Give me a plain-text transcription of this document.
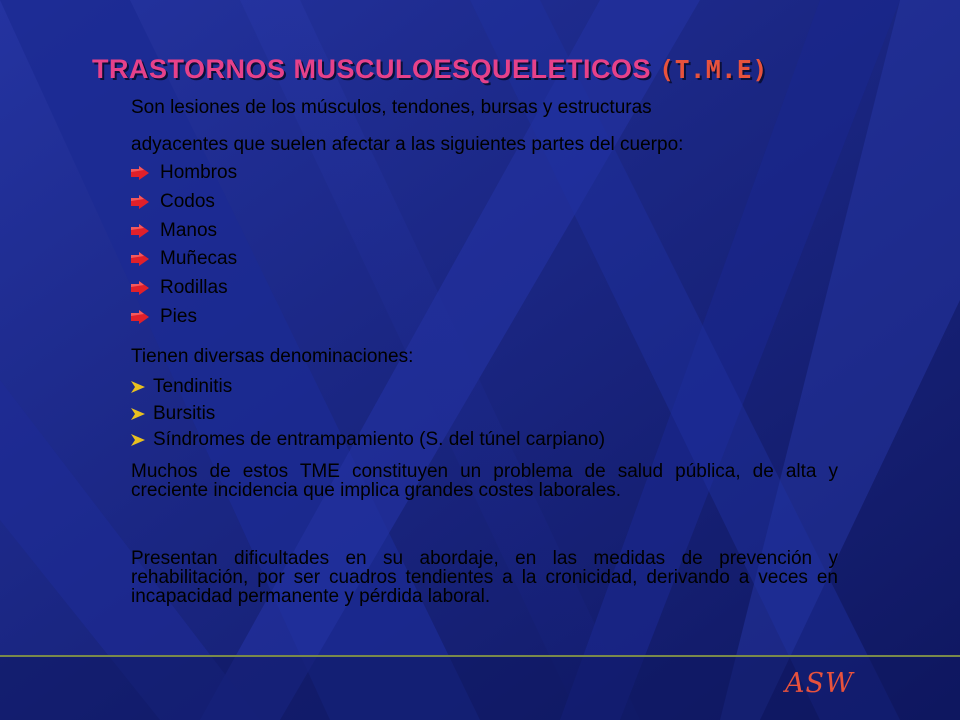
TRASTORNOS MUSCULOESQUELETICOS (T.M.E)
Son lesiones de los músculos, tendones, bursas y estructuras
adyacentes que suelen afectar a las siguientes partes del cuerpo:
Hombros
Codos
Manos
Muñecas
Rodillas
Pies
Tienen diversas denominaciones:
Tendinitis
Bursitis
Síndromes de entrampamiento (S. del túnel carpiano)
Muchos de estos TME constituyen un problema de salud pública, de alta y creciente incidencia que implica grandes costes laborales.
Presentan dificultades en su abordaje, en las medidas de prevención y rehabilitación, por ser cuadros tendientes a la cronicidad, derivando a veces en incapacidad permanente y pérdida laboral.
ASW
